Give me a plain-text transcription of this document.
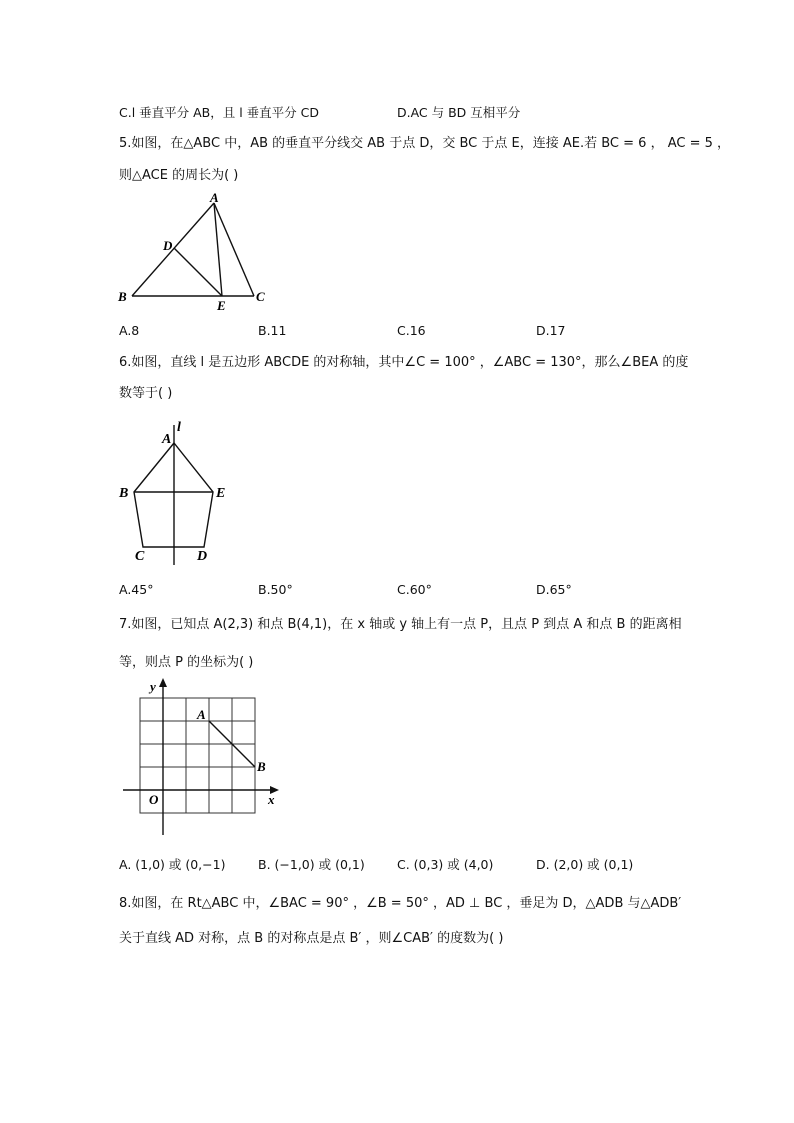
C.l 垂直平分 AB，且 l 垂直平分 CD	D.AC 与 BD 互相平分
5.如图，在△ABC 中，AB 的垂直平分线交 AB 于点 D，交 BC 于点 E，连接 AE.若 BC = 6 ， AC = 5 ，
则△ACE 的周长为( )
A
B	C
D
E
A.8	B.11	C.16	D.17
6.如图，直线 l 是五边形 ABCDE 的对称轴，其中∠C = 100° ，∠ABC = 130°，那么∠BEA 的度
数等于( )
A
l
B	E
C	D
A.45°	B.50°	C.60°	D.65°
7.如图，已知点 A(2,3) 和点 B(4,1)，在 x 轴或 y 轴上有一点 P，且点 P 到点 A 和点 B 的距离相
等，则点 P 的坐标为( )
y
x
O
A
B
A. (1,0) 或 (0,−1)	B. (−1,0) 或 (0,1)	C. (0,3) 或 (4,0)	D. (2,0) 或 (0,1)
8.如图，在 Rt△ABC 中，∠BAC = 90° ，∠B = 50° ，AD ⊥ BC ，垂足为 D，△ADB 与△ADB′
关于直线 AD 对称，点 B 的对称点是点 B′ ，则∠CAB′ 的度数为( )
